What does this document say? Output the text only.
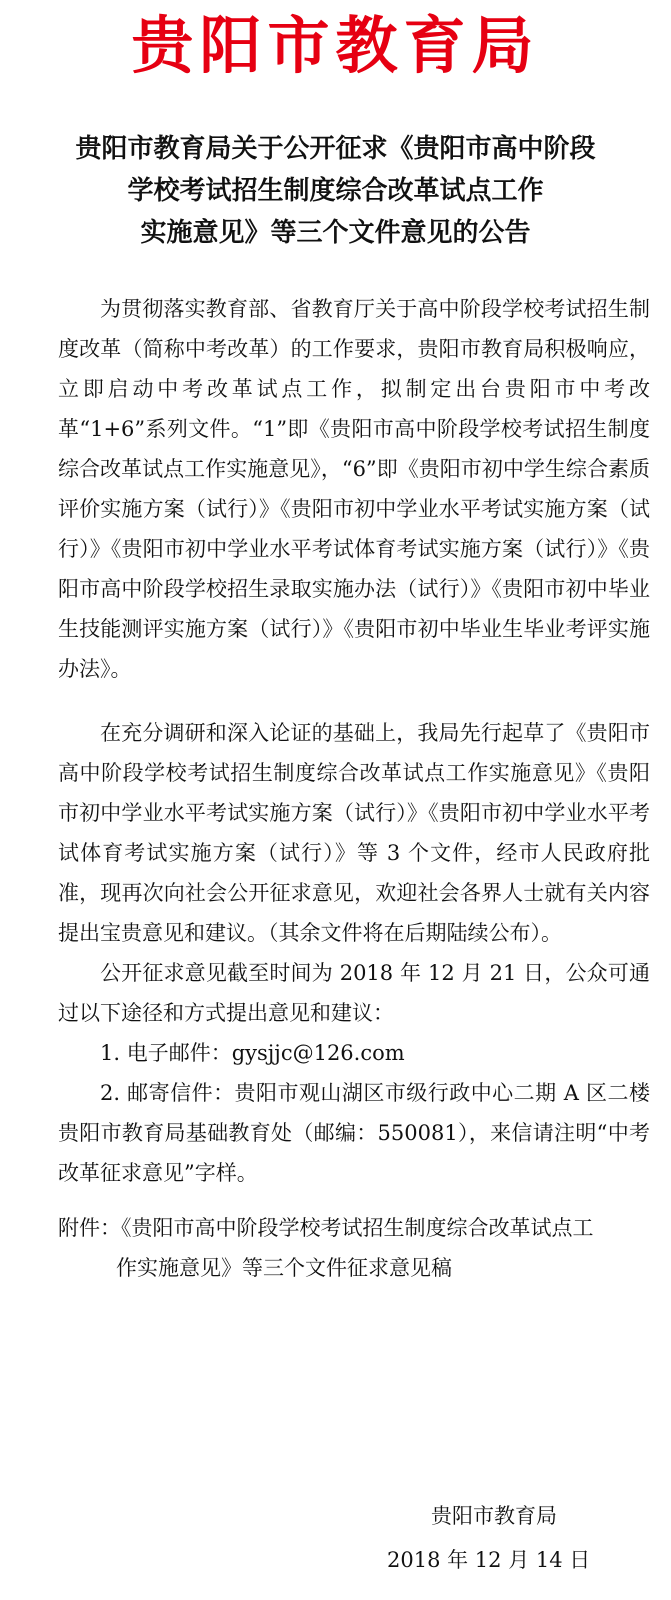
贵阳市教育局
贵阳市教育局关于公开征求《贵阳市高中阶段
学校考试招生制度综合改革试点工作
实施意见》等三个文件意见的公告

为贯彻落实教育部、省教育厅关于高中阶段学校考试招生制度改革（简称中考改革）的工作要求，贵阳市教育局积极响应，立即启动中考改革试点工作，拟制定出台贵阳市中考改革“1+6”系列文件。“1”即《贵阳市高中阶段学校考试招生制度综合改革试点工作实施意见》，“6”即《贵阳市初中学生综合素质评价实施方案（试行）》《贵阳市初中学业水平考试实施方案（试行）》《贵阳市初中学业水平考试体育考试实施方案（试行）》《贵阳市高中阶段学校招生录取实施办法（试行）》《贵阳市初中毕业生技能测评实施方案（试行）》《贵阳市初中毕业生毕业考评实施办法》。

在充分调研和深入论证的基础上，我局先行起草了《贵阳市高中阶段学校考试招生制度综合改革试点工作实施意见》《贵阳市初中学业水平考试实施方案（试行）》《贵阳市初中学业水平考试体育考试实施方案（试行）》等 3 个文件，经市人民政府批准，现再次向社会公开征求意见，欢迎社会各界人士就有关内容提出宝贵意见和建议。（其余文件将在后期陆续公布）。

公开征求意见截至时间为 2018 年 12 月 21 日，公众可通过以下途径和方式提出意见和建议：

1. 电子邮件：gysjjc@126.com

2. 邮寄信件：贵阳市观山湖区市级行政中心二期 A 区二楼贵阳市教育局基础教育处（邮编：550081），来信请注明“中考改革征求意见”字样。

附件：《贵阳市高中阶段学校考试招生制度综合改革试点工
作实施意见》等三个文件征求意见稿
贵阳市教育局
2018 年 12 月 14 日
